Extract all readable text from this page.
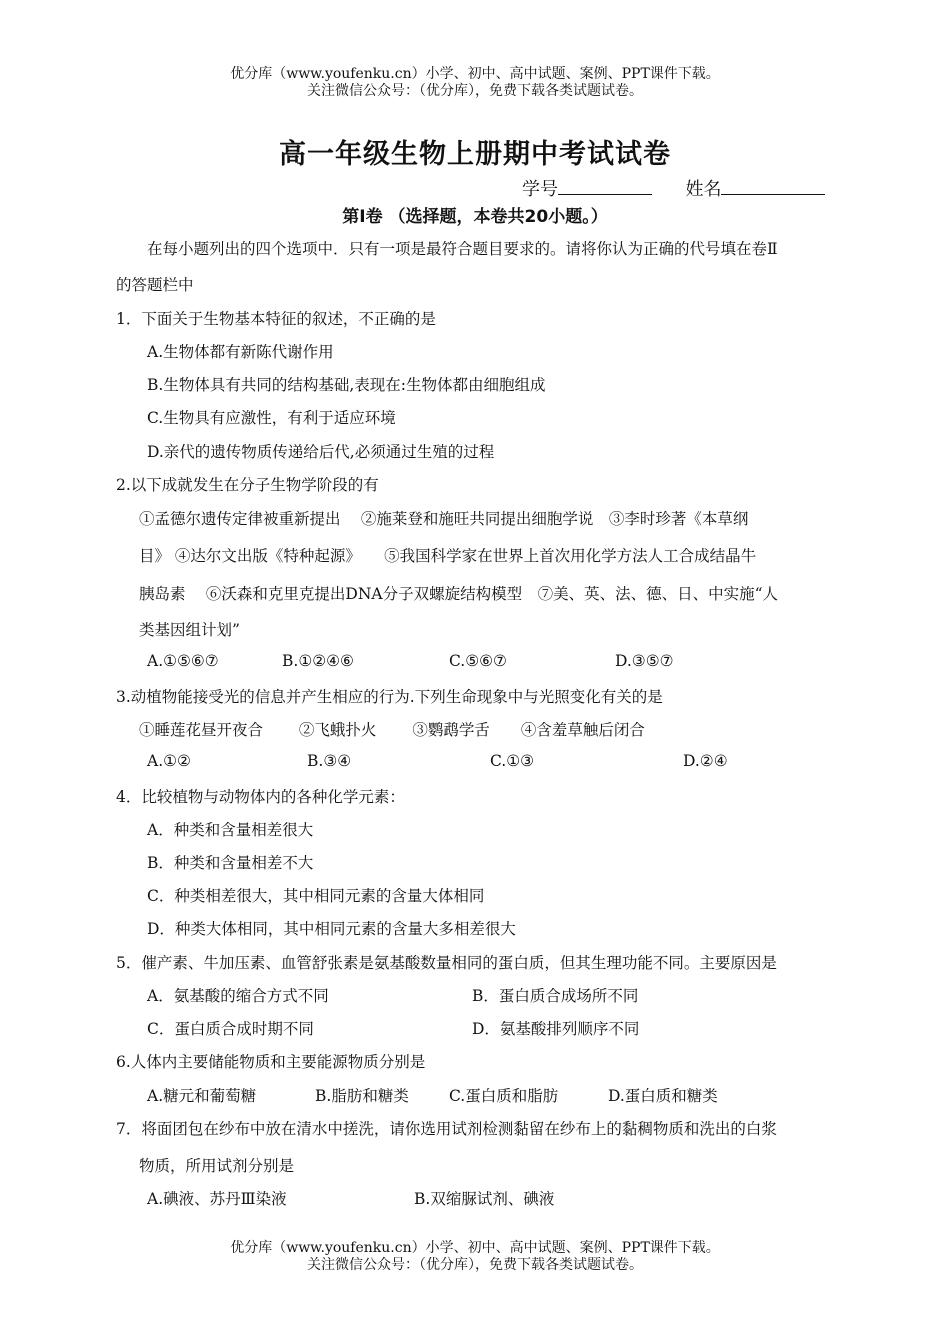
优分库（www.youfenku.cn）小学、初中、高中试题、案例、PPT课件下载。
关注微信公众号：（优分库），免费下载各类试题试卷。
高一年级生物上册期中考试试卷
学号	姓名
第Ⅰ卷 （选择题，本卷共20小题。）
在每小题列出的四个选项中．只有一项是最符合题目要求的。请将你认为正确的代号填在卷Ⅱ
的答题栏中
1．下面关于生物基本特征的叙述，不正确的是
A.生物体都有新陈代谢作用
B.生物体具有共同的结构基础,表现在:生物体都由细胞组成
C.生物具有应激性，有利于适应环境
D.亲代的遗传物质传递给后代,必须通过生殖的过程
2.以下成就发生在分子生物学阶段的有
①孟德尔遗传定律被重新提出　 ②施莱登和施旺共同提出细胞学说　③李时珍著《本草纲
目》 ④达尔文出版《特种起源》　　⑤我国科学家在世界上首次用化学方法人工合成结晶牛
胰岛素　 ⑥沃森和克里克提出DNA分子双螺旋结构模型　⑦美、英、法、德、日、中实施“人
类基因组计划”
A.①⑤⑥⑦	B.①②④⑥	C.⑤⑥⑦	D.③⑤⑦
3.动植物能接受光的信息并产生相应的行为.下列生命现象中与光照变化有关的是
①睡莲花昼开夜合　　 ②飞蛾扑火　　 ③鹦鹉学舌　　④含羞草触后闭合
A.①②	B.③④	C.①③	D.②④
4．比较植物与动物体内的各种化学元素：
A．种类和含量相差很大
B．种类和含量相差不大
C．种类相差很大，其中相同元素的含量大体相同
D．种类大体相同，其中相同元素的含量大多相差很大
5．催产素、牛加压素、血管舒张素是氨基酸数量相同的蛋白质，但其生理功能不同。主要原因是
A．氨基酸的缩合方式不同	B．蛋白质合成场所不同
C．蛋白质合成时期不同	D．氨基酸排列顺序不同
6.人体内主要储能物质和主要能源物质分别是
A.糖元和葡萄糖	B.脂肪和糖类	C.蛋白质和脂肪	D.蛋白质和糖类
7．将面团包在纱布中放在清水中搓洗，请你选用试剂检测黏留在纱布上的黏稠物质和洗出的白浆
物质，所用试剂分别是
A.碘液、苏丹Ⅲ染液	B.双缩脲试剂、碘液
优分库（www.youfenku.cn）小学、初中、高中试题、案例、PPT课件下载。
关注微信公众号：（优分库），免费下载各类试题试卷。
